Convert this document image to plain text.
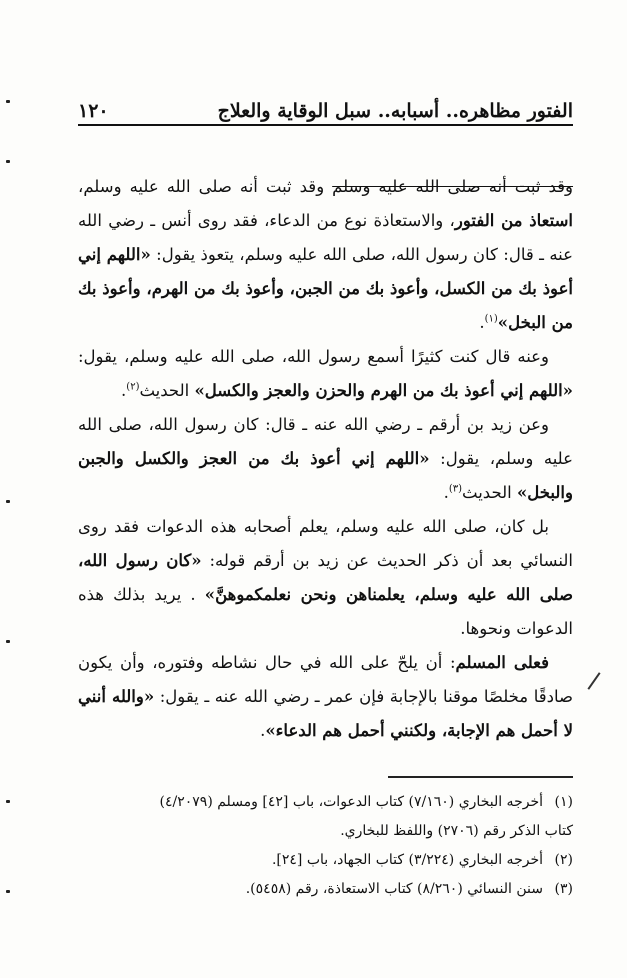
الفتور مظاهره.. أسبابه.. سبل الوقاية والعلاج
١٢٠

وقد ثبت أنه صلى الله عليه وسلم وقد ثبت أنه صلى الله عليه وسلم، استعاذ من الفتور، والاستعاذة نوع من الدعاء، فقد روى أنس ـ رضي الله عنه ـ قال: كان رسول الله، صلى الله عليه وسلم، يتعوذ يقول: «اللهم إني أعوذ بك من الكسل، وأعوذ بك من الجبن، وأعوذ بك من الهرم، وأعوذ بك من البخل»$^{(١)}$.

وعنه قال كنت كثيرًا أسمع رسول الله، صلى الله عليه وسلم، يقول: «اللهم إني أعوذ بك من الهرم والحزن والعجز والكسل» الحديث$^{(٢)}$.

وعن زيد بن أرقم ـ رضي الله عنه ـ قال: كان رسول الله، صلى الله عليه وسلم، يقول: «اللهم إني أعوذ بك من العجز والكسل والجبن والبخل» الحديث$^{(٣)}$.

بل كان، صلى الله عليه وسلم، يعلم أصحابه هذه الدعوات فقد روى النسائي بعد أن ذكر الحديث عن زيد بن أرقم قوله: «كان رسول الله، صلى الله عليه وسلم، يعلمناهن ونحن نعلمكموهنَّ» . يريد بذلك هذه الدعوات ونحوها.

فعلى المسلم: أن يلحّ على الله في حال نشاطه وفتوره، وأن يكون صادقًا مخلصًا موقنا بالإجابة فإن عمر ـ رضي الله عنه ـ يقول: «والله أنني لا أحمل هم الإجابة، ولكنني أحمل هم الدعاء».

(١)أخرجه البخاري (٧/١٦٠) كتاب الدعوات، باب [٤٢] ومسلم (٤/٢٠٧٩)

كتاب الذكر رقم (٢٧٠٦) واللفظ للبخاري.

(٢)أخرجه البخاري (٣/٢٢٤) كتاب الجهاد، باب [٢٤].

(٣)سنن النسائي (٨/٢٦٠) كتاب الاستعاذة، رقم (٥٤٥٨).
